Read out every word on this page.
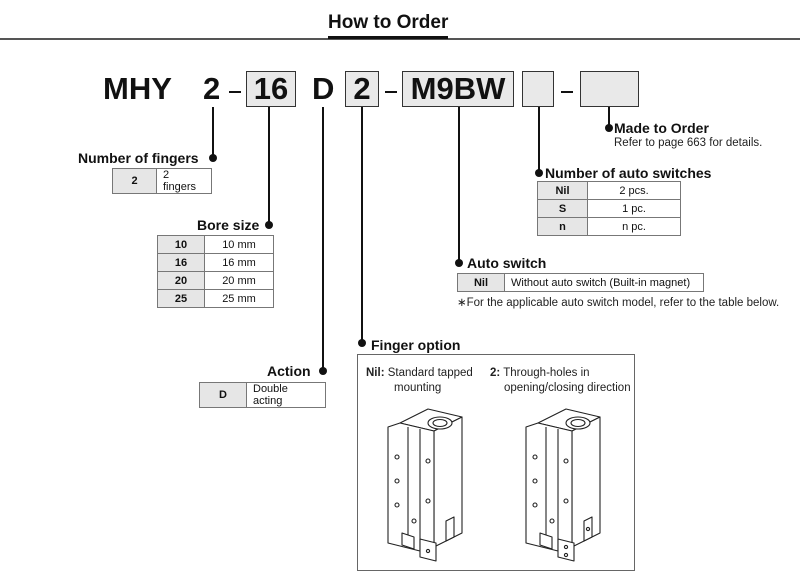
How to Order
MHY 2 16 D 2 M9BW
Made to Order
Refer to page 663 for details.
Number of fingers
2	2 fingers
Bore size
10	10 mm
16	16 mm
20	20 mm
25	25 mm
Number of auto switches
Nil	2 pcs.
S	1 pc.
n	n pc.
Auto switch
Nil	Without auto switch (Built-in magnet)
∗For the applicable auto switch model, refer to the table below.
Action
D	Double acting
Finger option
Nil: Standard tapped
mounting
2: Through-holes in
opening/closing direction
